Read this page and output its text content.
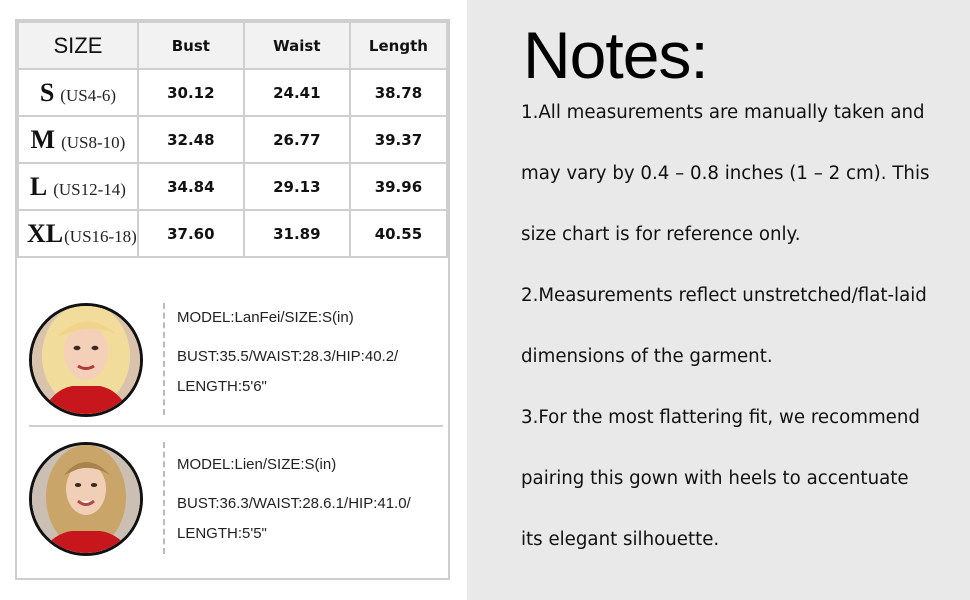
SIZE	Bust	Waist	Length
S (US4-6)	30.12	24.41	38.78
M (US8-10)	32.48	26.77	39.37
L (US12-14)	34.84	29.13	39.96
XL(US16-18)	37.60	31.89	40.55
MODEL:LanFei/SIZE:S(in)
BUST:35.5/WAIST:28.3/HIP:40.2/
LENGTH:5'6"
MODEL:Lien/SIZE:S(in)
BUST:36.3/WAIST:28.6.1/HIP:41.0/
LENGTH:5'5"
Notes:
1.All measurements are manually taken and
may vary by 0.4 – 0.8 inches (1 – 2 cm). This
size chart is for reference only.
2.Measurements reflect unstretched/flat-laid
dimensions of the garment.
3.For the most flattering fit, we recommend
pairing this gown with heels to accentuate
its elegant silhouette.
